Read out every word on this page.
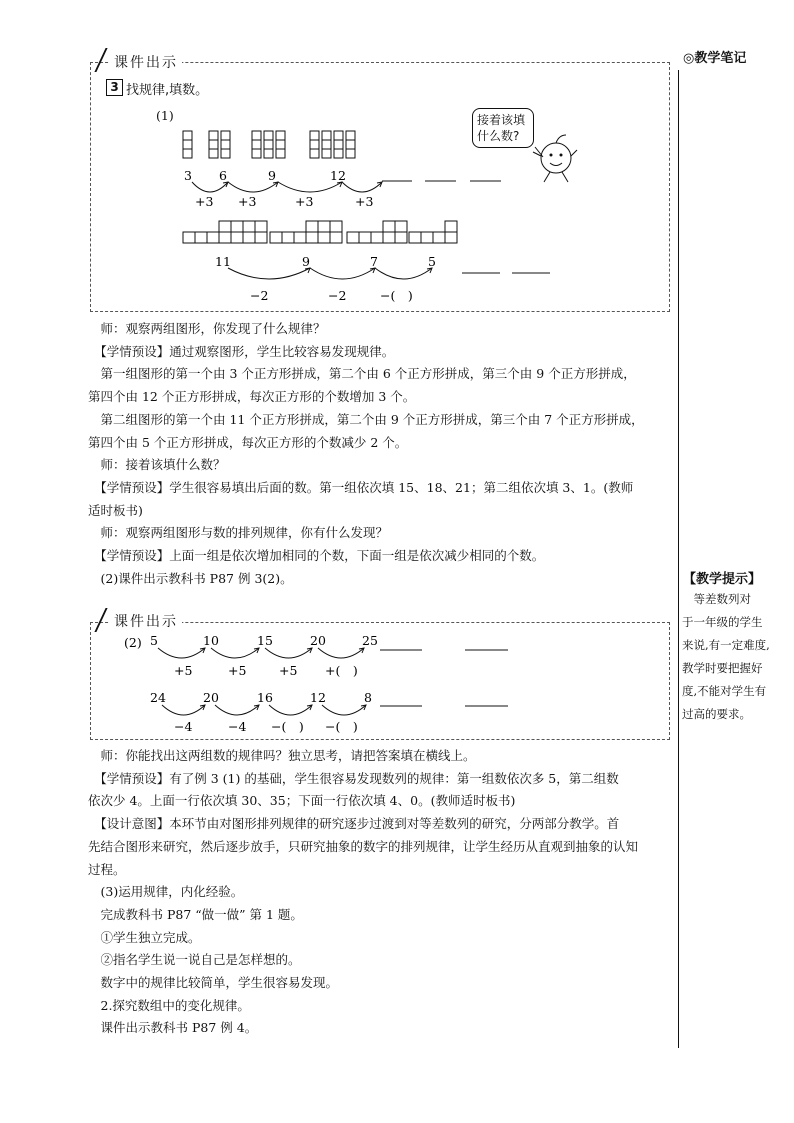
◎教学笔记
【教学提示】
　等差数列对
于一年级的学生
来说,有一定难度,
教学时要把握好
度,不能对学生有
过高的要求。
课件出示
3 找规律,填数。
(1)
3 6	9	12
+3 +3	+3	+3
11	9	7	5
−2	−2	−(　)
接着该填
什么数?
　师：观察两组图形，你发现了什么规律？
　【学情预设】通过观察图形，学生比较容易发现规律。
　第一组图形的第一个由 3 个正方形拼成，第二个由 6 个正方形拼成，第三个由 9 个正方形拼成，
第四个由 12 个正方形拼成，每次正方形的个数增加 3 个。
　第二组图形的第一个由 11 个正方形拼成，第二个由 9 个正方形拼成，第三个由 7 个正方形拼成，
第四个由 5 个正方形拼成，每次正方形的个数减少 2 个。
　师：接着该填什么数？
　【学情预设】学生很容易填出后面的数。第一组依次填 15、18、21；第二组依次填 3、1。(教师
适时板书)
　师：观察两组图形与数的排列规律，你有什么发现？
　【学情预设】上面一组是依次增加相同的个数，下面一组是依次减少相同的个数。
　(2)课件出示教科书 P87 例 3(2)。
课件出示
(2) 5	10	15	20	25
+5	+5	+5 +(　)
24	20	16	12	8
−4	−4 −(　) −(　)
　师：你能找出这两组数的规律吗？独立思考，请把答案填在横线上。
　【学情预设】有了例 3 (1) 的基础，学生很容易发现数列的规律：第一组数依次多 5，第二组数
依次少 4。上面一行依次填 30、35；下面一行依次填 4、0。(教师适时板书)
　【设计意图】本环节由对图形排列规律的研究逐步过渡到对等差数列的研究，分两部分教学。首
先结合图形来研究，然后逐步放手，只研究抽象的数字的排列规律，让学生经历从直观到抽象的认知
过程。
　(3)运用规律，内化经验。
　完成教科书 P87 “做一做” 第 1 题。
　①学生独立完成。
　②指名学生说一说自己是怎样想的。
　数字中的规律比较简单，学生很容易发现。
　2.探究数组中的变化规律。
　课件出示教科书 P87 例 4。
